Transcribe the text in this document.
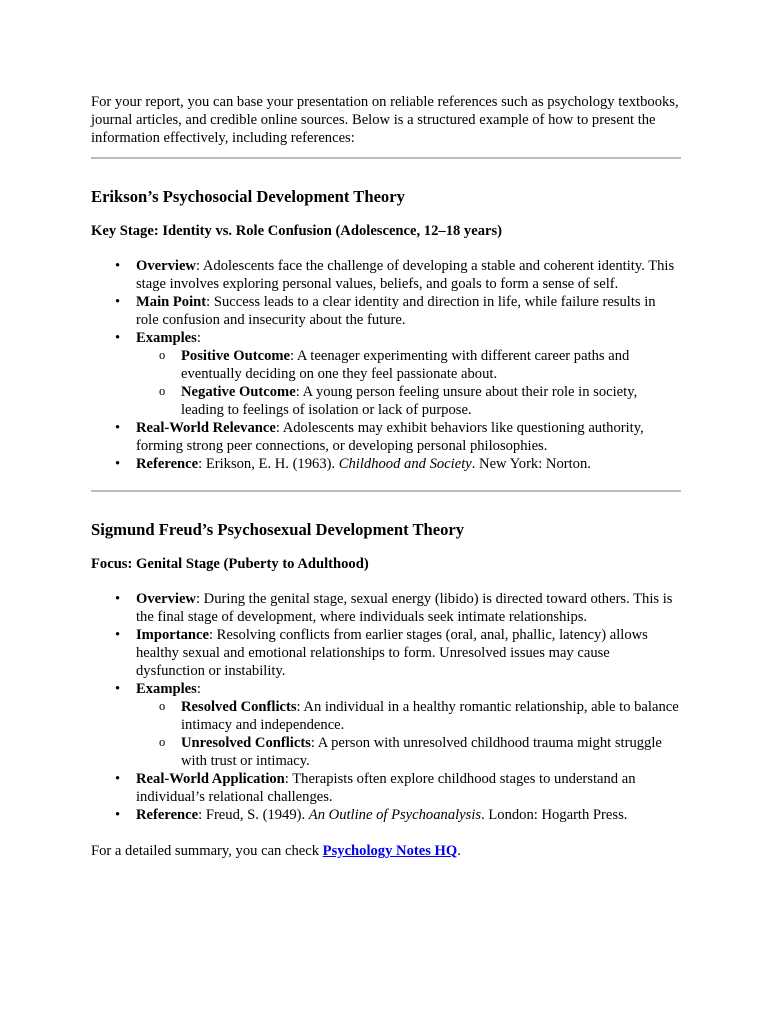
For your report, you can base your presentation on reliable references such as psychology textbooks, journal articles, and credible online sources. Below is a structured example of how to present the information effectively, including references:

Erikson’s Psychosocial Development Theory

Key Stage: Identity vs. Role Confusion (Adolescence, 12–18 years)

• Overview: Adolescents face the challenge of developing a stable and coherent identity. This stage involves exploring personal values, beliefs, and goals to form a sense of self.
• Main Point: Success leads to a clear identity and direction in life, while failure results in role confusion and insecurity about the future.
• Examples:
o Positive Outcome: A teenager experimenting with different career paths and eventually deciding on one they feel passionate about.
o Negative Outcome: A young person feeling unsure about their role in society, leading to feelings of isolation or lack of purpose.
• Real-World Relevance: Adolescents may exhibit behaviors like questioning authority, forming strong peer connections, or developing personal philosophies.
• Reference: Erikson, E. H. (1963). Childhood and Society. New York: Norton.
Sigmund Freud’s Psychosexual Development Theory

Focus: Genital Stage (Puberty to Adulthood)

• Overview: During the genital stage, sexual energy (libido) is directed toward others. This is the final stage of development, where individuals seek intimate relationships.
• Importance: Resolving conflicts from earlier stages (oral, anal, phallic, latency) allows healthy sexual and emotional relationships to form. Unresolved issues may cause dysfunction or instability.
• Examples:
o Resolved Conflicts: An individual in a healthy romantic relationship, able to balance intimacy and independence.
o Unresolved Conflicts: A person with unresolved childhood trauma might struggle with trust or intimacy.
• Real-World Application: Therapists often explore childhood stages to understand an individual’s relational challenges.
• Reference: Freud, S. (1949). An Outline of Psychoanalysis. London: Hogarth Press.

For a detailed summary, you can check Psychology Notes HQ.
